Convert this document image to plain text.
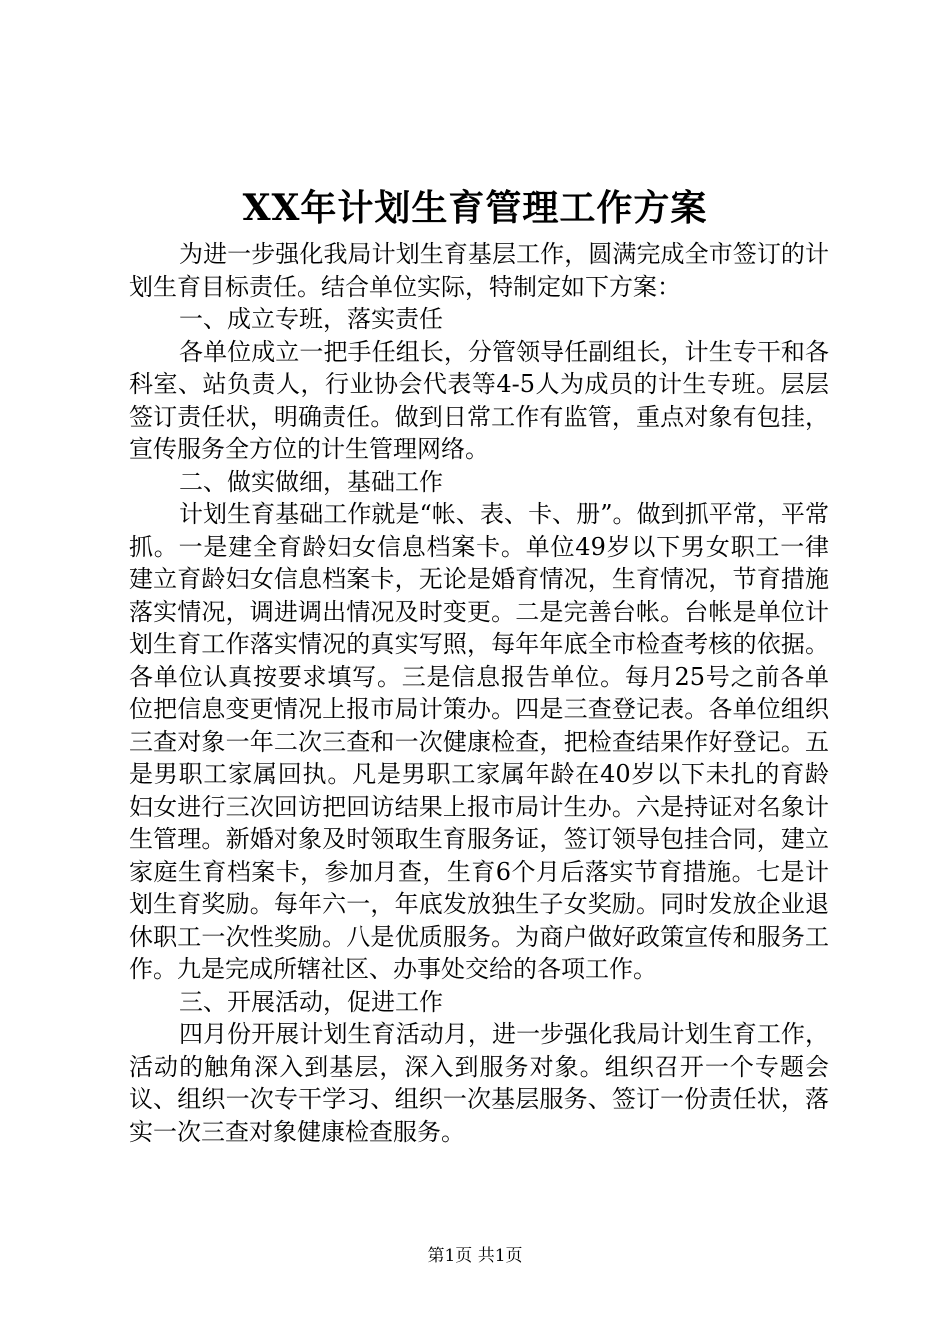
XX年计划生育管理工作方案

为进一步强化我局计划生育基层工作，圆满完成全市签订的计划生育目标责任。结合单位实际，特制定如下方案：

一、成立专班，落实责任

各单位成立一把手任组长，分管领导任副组长，计生专干和各科室、站负责人，行业协会代表等4-5人为成员的计生专班。层层签订责任状，明确责任。做到日常工作有监管，重点对象有包挂，宣传服务全方位的计生管理网络。

二、做实做细，基础工作

计划生育基础工作就是“帐、表、卡、册”。做到抓平常，平常抓。一是建全育龄妇女信息档案卡。单位49岁以下男女职工一律建立育龄妇女信息档案卡，无论是婚育情况，生育情况，节育措施落实情况，调进调出情况及时变更。二是完善台帐。台帐是单位计划生育工作落实情况的真实写照，每年年底全市检查考核的依据。各单位认真按要求填写。三是信息报告单位。每月25号之前各单位把信息变更情况上报市局计策办。四是三查登记表。各单位组织三查对象一年二次三查和一次健康检查，把检查结果作好登记。五是男职工家属回执。凡是男职工家属年龄在40岁以下未扎的育龄妇女进行三次回访把回访结果上报市局计生办。六是持证对名象计生管理。新婚对象及时领取生育服务证，签订领导包挂合同，建立家庭生育档案卡，参加月查，生育6个月后落实节育措施。七是计划生育奖励。每年六一，年底发放独生子女奖励。同时发放企业退休职工一次性奖励。八是优质服务。为商户做好政策宣传和服务工作。九是完成所辖社区、办事处交给的各项工作。

三、开展活动，促进工作

四月份开展计划生育活动月，进一步强化我局计划生育工作，活动的触角深入到基层，深入到服务对象。组织召开一个专题会议、组织一次专干学习、组织一次基层服务、签订一份责任状，落实一次三查对象健康检查服务。

第1页 共1页
